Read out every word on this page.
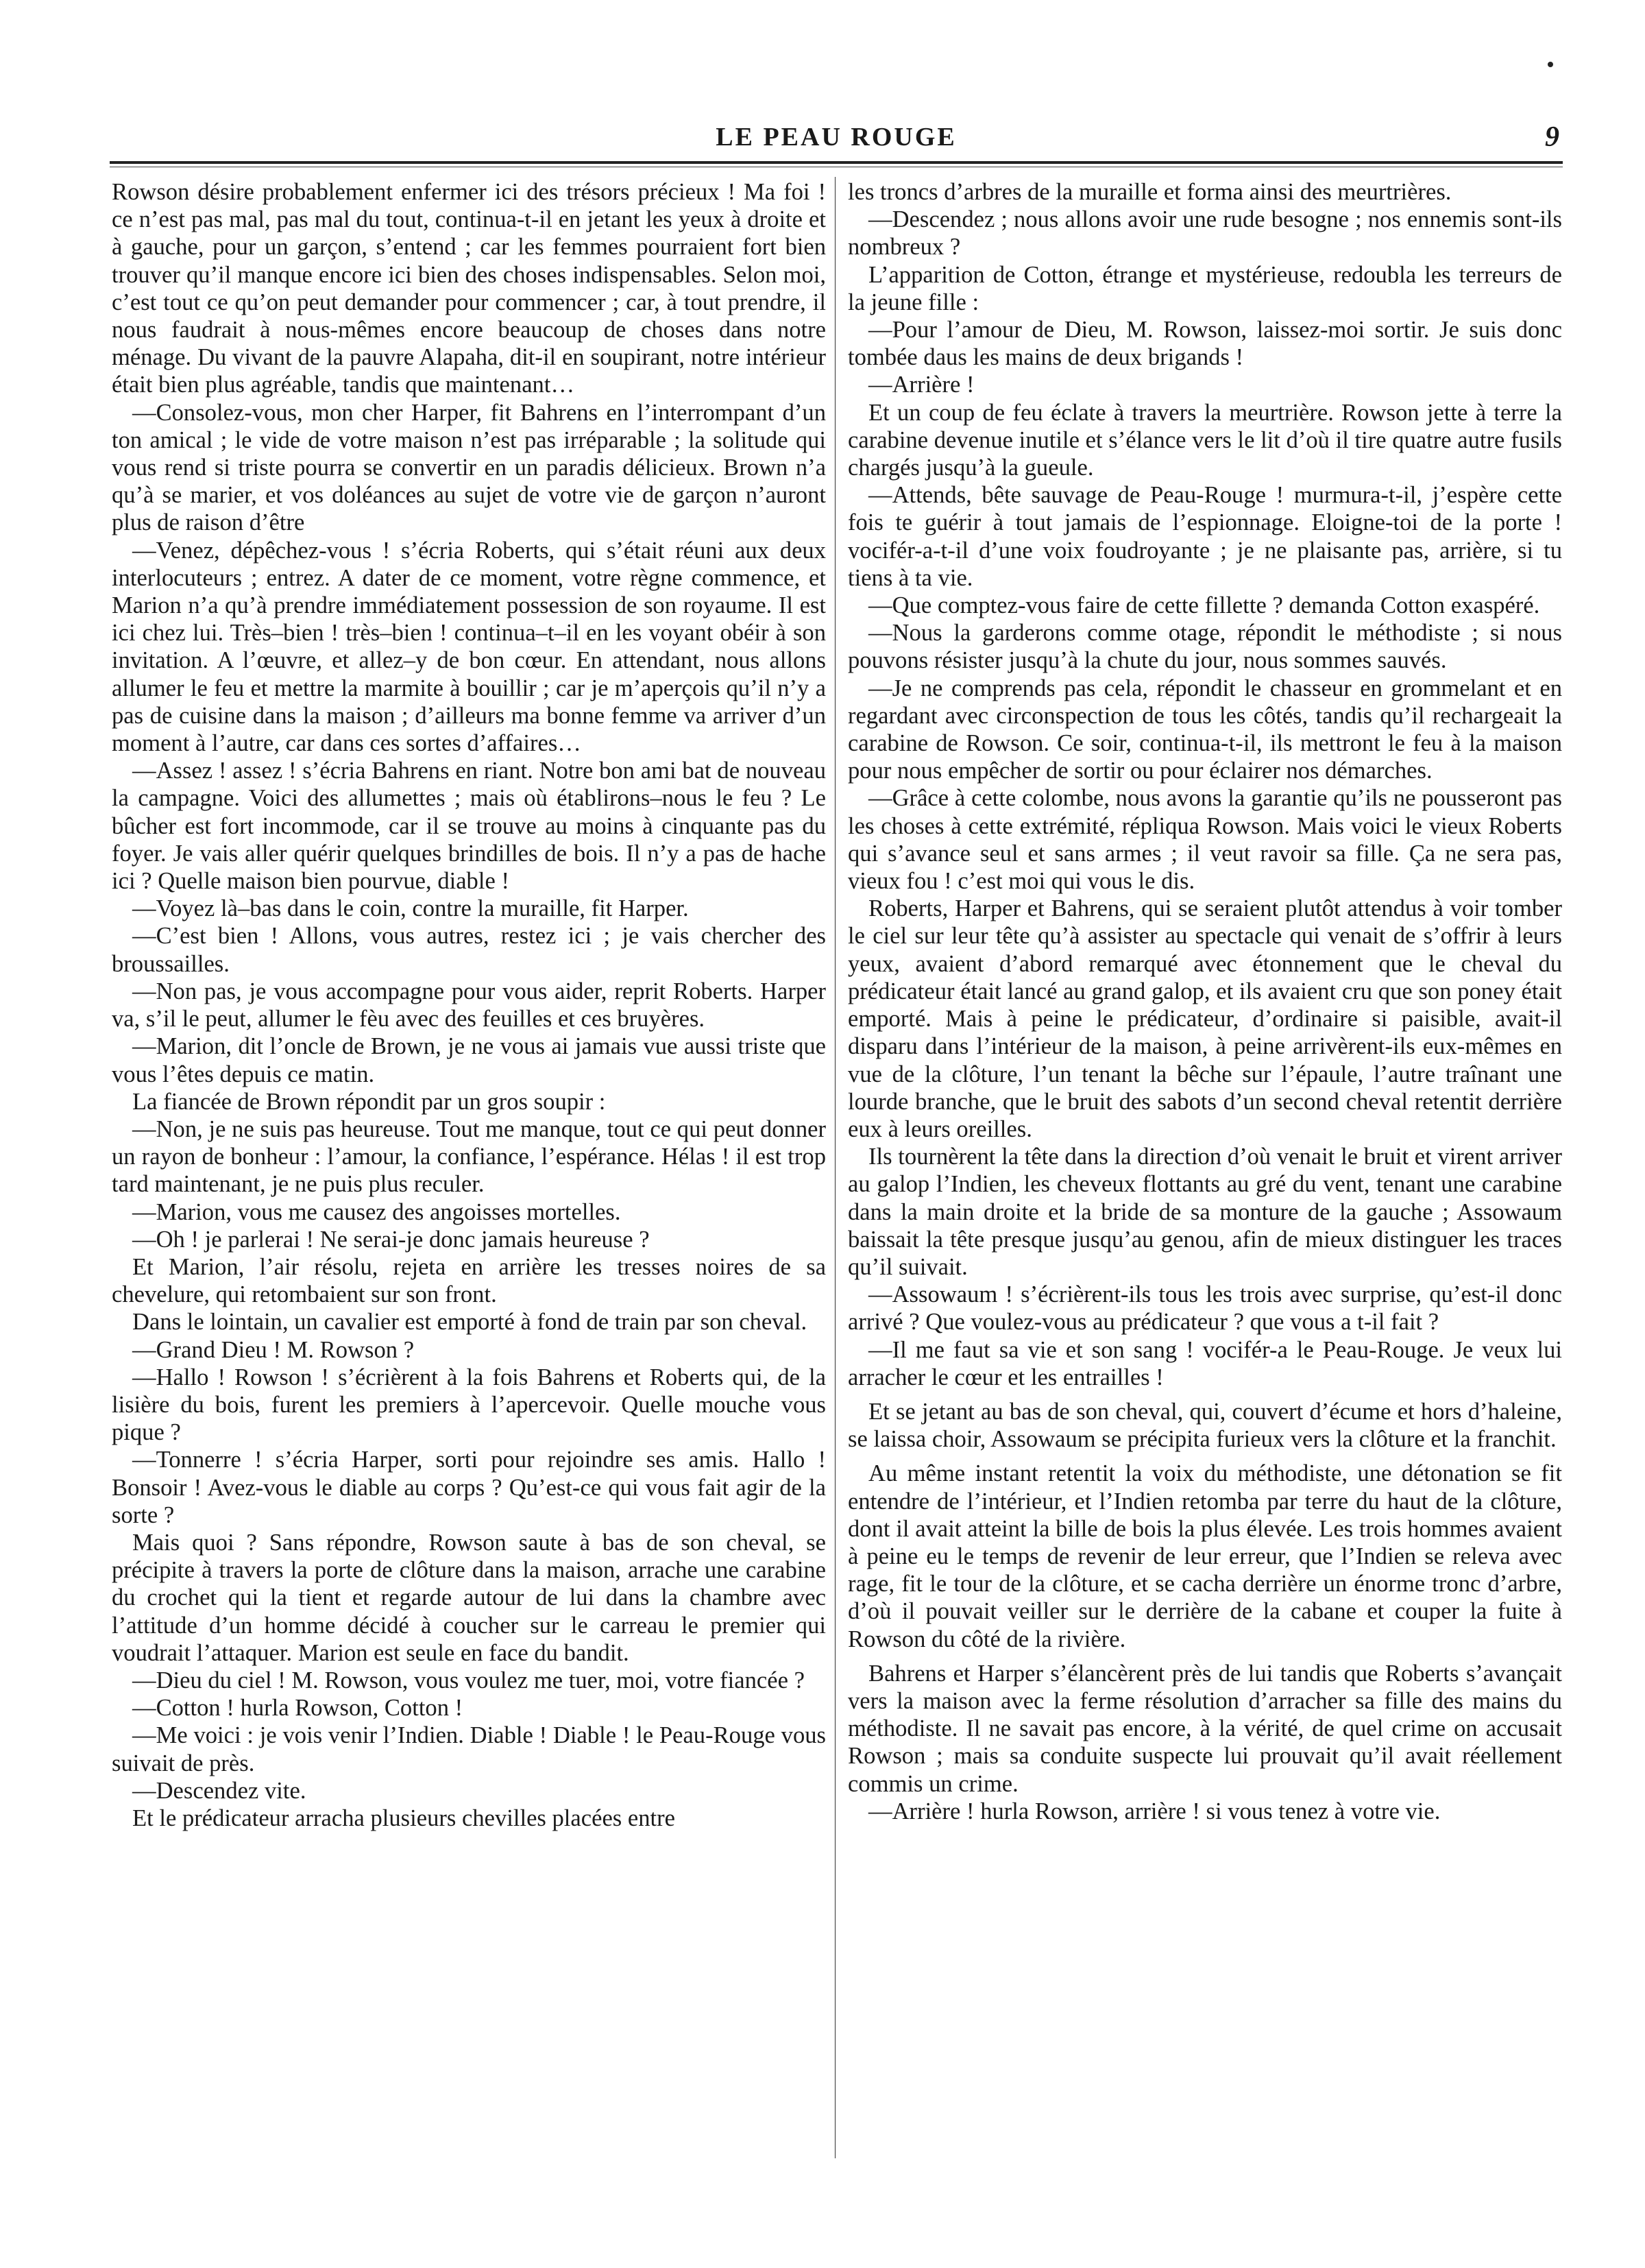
LE PEAU ROUGE	9

Rowson désire probablement enfermer ici des trésors précieux ! Ma foi ! ce n’est pas mal, pas mal du tout, continua-t-il en jetant les yeux à droite et à gauche, pour un garçon, s’entend ; car les femmes pourraient fort bien trouver qu’il manque encore ici bien des choses indispensables. Selon moi, c’est tout ce qu’on peut demander pour commencer ; car, à tout prendre, il nous faudrait à nous-mêmes encore beaucoup de choses dans notre ménage. Du vivant de la pauvre Alapaha, dit-il en soupirant, notre intérieur était bien plus agréable, tandis que maintenant…

—Consolez-vous, mon cher Harper, fit Bahrens en l’interrompant d’un ton amical ; le vide de votre maison n’est pas irréparable ; la solitude qui vous rend si triste pourra se convertir en un paradis délicieux. Brown n’a qu’à se marier, et vos doléances au sujet de votre vie de garçon n’auront plus de raison d’être

—Venez, dépêchez-vous ! s’écria Roberts, qui s’était réuni aux deux interlocuteurs ; entrez. A dater de ce moment, votre règne commence, et Marion n’a qu’à prendre immédiatement possession de son royaume. Il est ici chez lui. Très–bien ! très–bien ! continua–t–il en les voyant obéir à son invitation. A l’œuvre, et allez–y de bon cœur. En attendant, nous allons allumer le feu et mettre la marmite à bouillir ; car je m’aperçois qu’il n’y a pas de cuisine dans la maison ; d’ailleurs ma bonne femme va arriver d’un moment à l’autre, car dans ces sortes d’affaires…

—Assez ! assez ! s’écria Bahrens en riant. Notre bon ami bat de nouveau la campagne. Voici des allumettes ; mais où établirons–nous le feu ? Le bûcher est fort incommode, car il se trouve au moins à cinquante pas du foyer. Je vais aller quérir quelques brindilles de bois. Il n’y a pas de hache ici ? Quelle maison bien pourvue, diable !

—Voyez là–bas dans le coin, contre la muraille, fit Harper.

—C’est bien ! Allons, vous autres, restez ici ; je vais chercher des broussailles.

—Non pas, je vous accompagne pour vous aider, reprit Roberts. Harper va, s’il le peut, allumer le fèu avec des feuilles et ces bruyères.

—Marion, dit l’oncle de Brown, je ne vous ai jamais vue aussi triste que vous l’êtes depuis ce matin.

La fiancée de Brown répondit par un gros soupir :

—Non, je ne suis pas heureuse. Tout me manque, tout ce qui peut donner un rayon de bonheur : l’amour, la confiance, l’espérance. Hélas ! il est trop tard maintenant, je ne puis plus reculer.

—Marion, vous me causez des angoisses mortelles.

—Oh ! je parlerai ! Ne serai-je donc jamais heureuse ?

Et Marion, l’air résolu, rejeta en arrière les tresses noires de sa chevelure, qui retombaient sur son front.

Dans le lointain, un cavalier est emporté à fond de train par son cheval.

—Grand Dieu ! M. Rowson ?

—Hallo ! Rowson ! s’écrièrent à la fois Bahrens et Roberts qui, de la lisière du bois, furent les premiers à l’apercevoir. Quelle mouche vous pique ?

—Tonnerre ! s’écria Harper, sorti pour rejoindre ses amis. Hallo ! Bonsoir ! Avez-vous le diable au corps ? Qu’est-ce qui vous fait agir de la sorte ?

Mais quoi ? Sans répondre, Rowson saute à bas de son cheval, se précipite à travers la porte de clôture dans la maison, arrache une carabine du crochet qui la tient et regarde autour de lui dans la chambre avec l’attitude d’un homme décidé à coucher sur le carreau le premier qui voudrait l’attaquer. Marion est seule en face du bandit.

—Dieu du ciel ! M. Rowson, vous voulez me tuer, moi, votre fiancée ?

—Cotton ! hurla Rowson, Cotton !

—Me voici : je vois venir l’Indien. Diable ! Diable ! le Peau-Rouge vous suivait de près.

—Descendez vite.

Et le prédicateur arracha plusieurs chevilles placées entre

les troncs d’arbres de la muraille et forma ainsi des meurtrières.

—Descendez ; nous allons avoir une rude besogne ; nos ennemis sont-ils nombreux ?

L’apparition de Cotton, étrange et mystérieuse, redoubla les terreurs de la jeune fille :

—Pour l’amour de Dieu, M. Rowson, laissez-moi sortir. Je suis donc tombée daus les mains de deux brigands !

—Arrière !

Et un coup de feu éclate à travers la meurtrière. Rowson jette à terre la carabine devenue inutile et s’élance vers le lit d’où il tire quatre autre fusils chargés jusqu’à la gueule.

—Attends, bête sauvage de Peau-Rouge ! murmura-t-il, j’espère cette fois te guérir à tout jamais de l’espionnage. Eloigne-toi de la porte ! vocifér-a-t-il d’une voix foudroyante ; je ne plaisante pas, arrière, si tu tiens à ta vie.

—Que comptez-vous faire de cette fillette ? demanda Cotton exaspéré.

—Nous la garderons comme otage, répondit le méthodiste ; si nous pouvons résister jusqu’à la chute du jour, nous sommes sauvés.

—Je ne comprends pas cela, répondit le chasseur en grommelant et en regardant avec circonspection de tous les côtés, tandis qu’il rechargeait la carabine de Rowson. Ce soir, continua-t-il, ils mettront le feu à la maison pour nous empêcher de sortir ou pour éclairer nos démarches.

—Grâce à cette colombe, nous avons la garantie qu’ils ne pousseront pas les choses à cette extrémité, répliqua Rowson. Mais voici le vieux Roberts qui s’avance seul et sans armes ; il veut ravoir sa fille. Ça ne sera pas, vieux fou ! c’est moi qui vous le dis.

Roberts, Harper et Bahrens, qui se seraient plutôt attendus à voir tomber le ciel sur leur tête qu’à assister au spectacle qui venait de s’offrir à leurs yeux, avaient d’abord remarqué avec étonnement que le cheval du prédicateur était lancé au grand galop, et ils avaient cru que son poney était emporté. Mais à peine le prédicateur, d’ordinaire si paisible, avait-il disparu dans l’intérieur de la maison, à peine arrivèrent-ils eux-mêmes en vue de la clôture, l’un tenant la bêche sur l’épaule, l’autre traînant une lourde branche, que le bruit des sabots d’un second cheval retentit derrière eux à leurs oreilles.

Ils tournèrent la tête dans la direction d’où venait le bruit et virent arriver au galop l’Indien, les cheveux flottants au gré du vent, tenant une carabine dans la main droite et la bride de sa monture de la gauche ; Assowaum baissait la tête presque jusqu’au genou, afin de mieux distinguer les traces qu’il suivait.

—Assowaum ! s’écrièrent-ils tous les trois avec surprise, qu’est-il donc arrivé ? Que voulez-vous au prédicateur ? que vous a t-il fait ?

—Il me faut sa vie et son sang ! vocifér-a le Peau-Rouge. Je veux lui arracher le cœur et les entrailles !

Et se jetant au bas de son cheval, qui, couvert d’écume et hors d’haleine, se laissa choir, Assowaum se précipita furieux vers la clôture et la franchit.

Au même instant retentit la voix du méthodiste, une détonation se fit entendre de l’intérieur, et l’Indien retomba par terre du haut de la clôture, dont il avait atteint la bille de bois la plus élevée. Les trois hommes avaient à peine eu le temps de revenir de leur erreur, que l’Indien se releva avec rage, fit le tour de la clôture, et se cacha derrière un énorme tronc d’arbre, d’où il pouvait veiller sur le derrière de la cabane et couper la fuite à Rowson du côté de la rivière.

Bahrens et Harper s’élancèrent près de lui tandis que Roberts s’avançait vers la maison avec la ferme résolution d’arracher sa fille des mains du méthodiste. Il ne savait pas encore, à la vérité, de quel crime on accusait Rowson ; mais sa conduite suspecte lui prouvait qu’il avait réellement commis un crime.

—Arrière ! hurla Rowson, arrière ! si vous tenez à votre vie.
